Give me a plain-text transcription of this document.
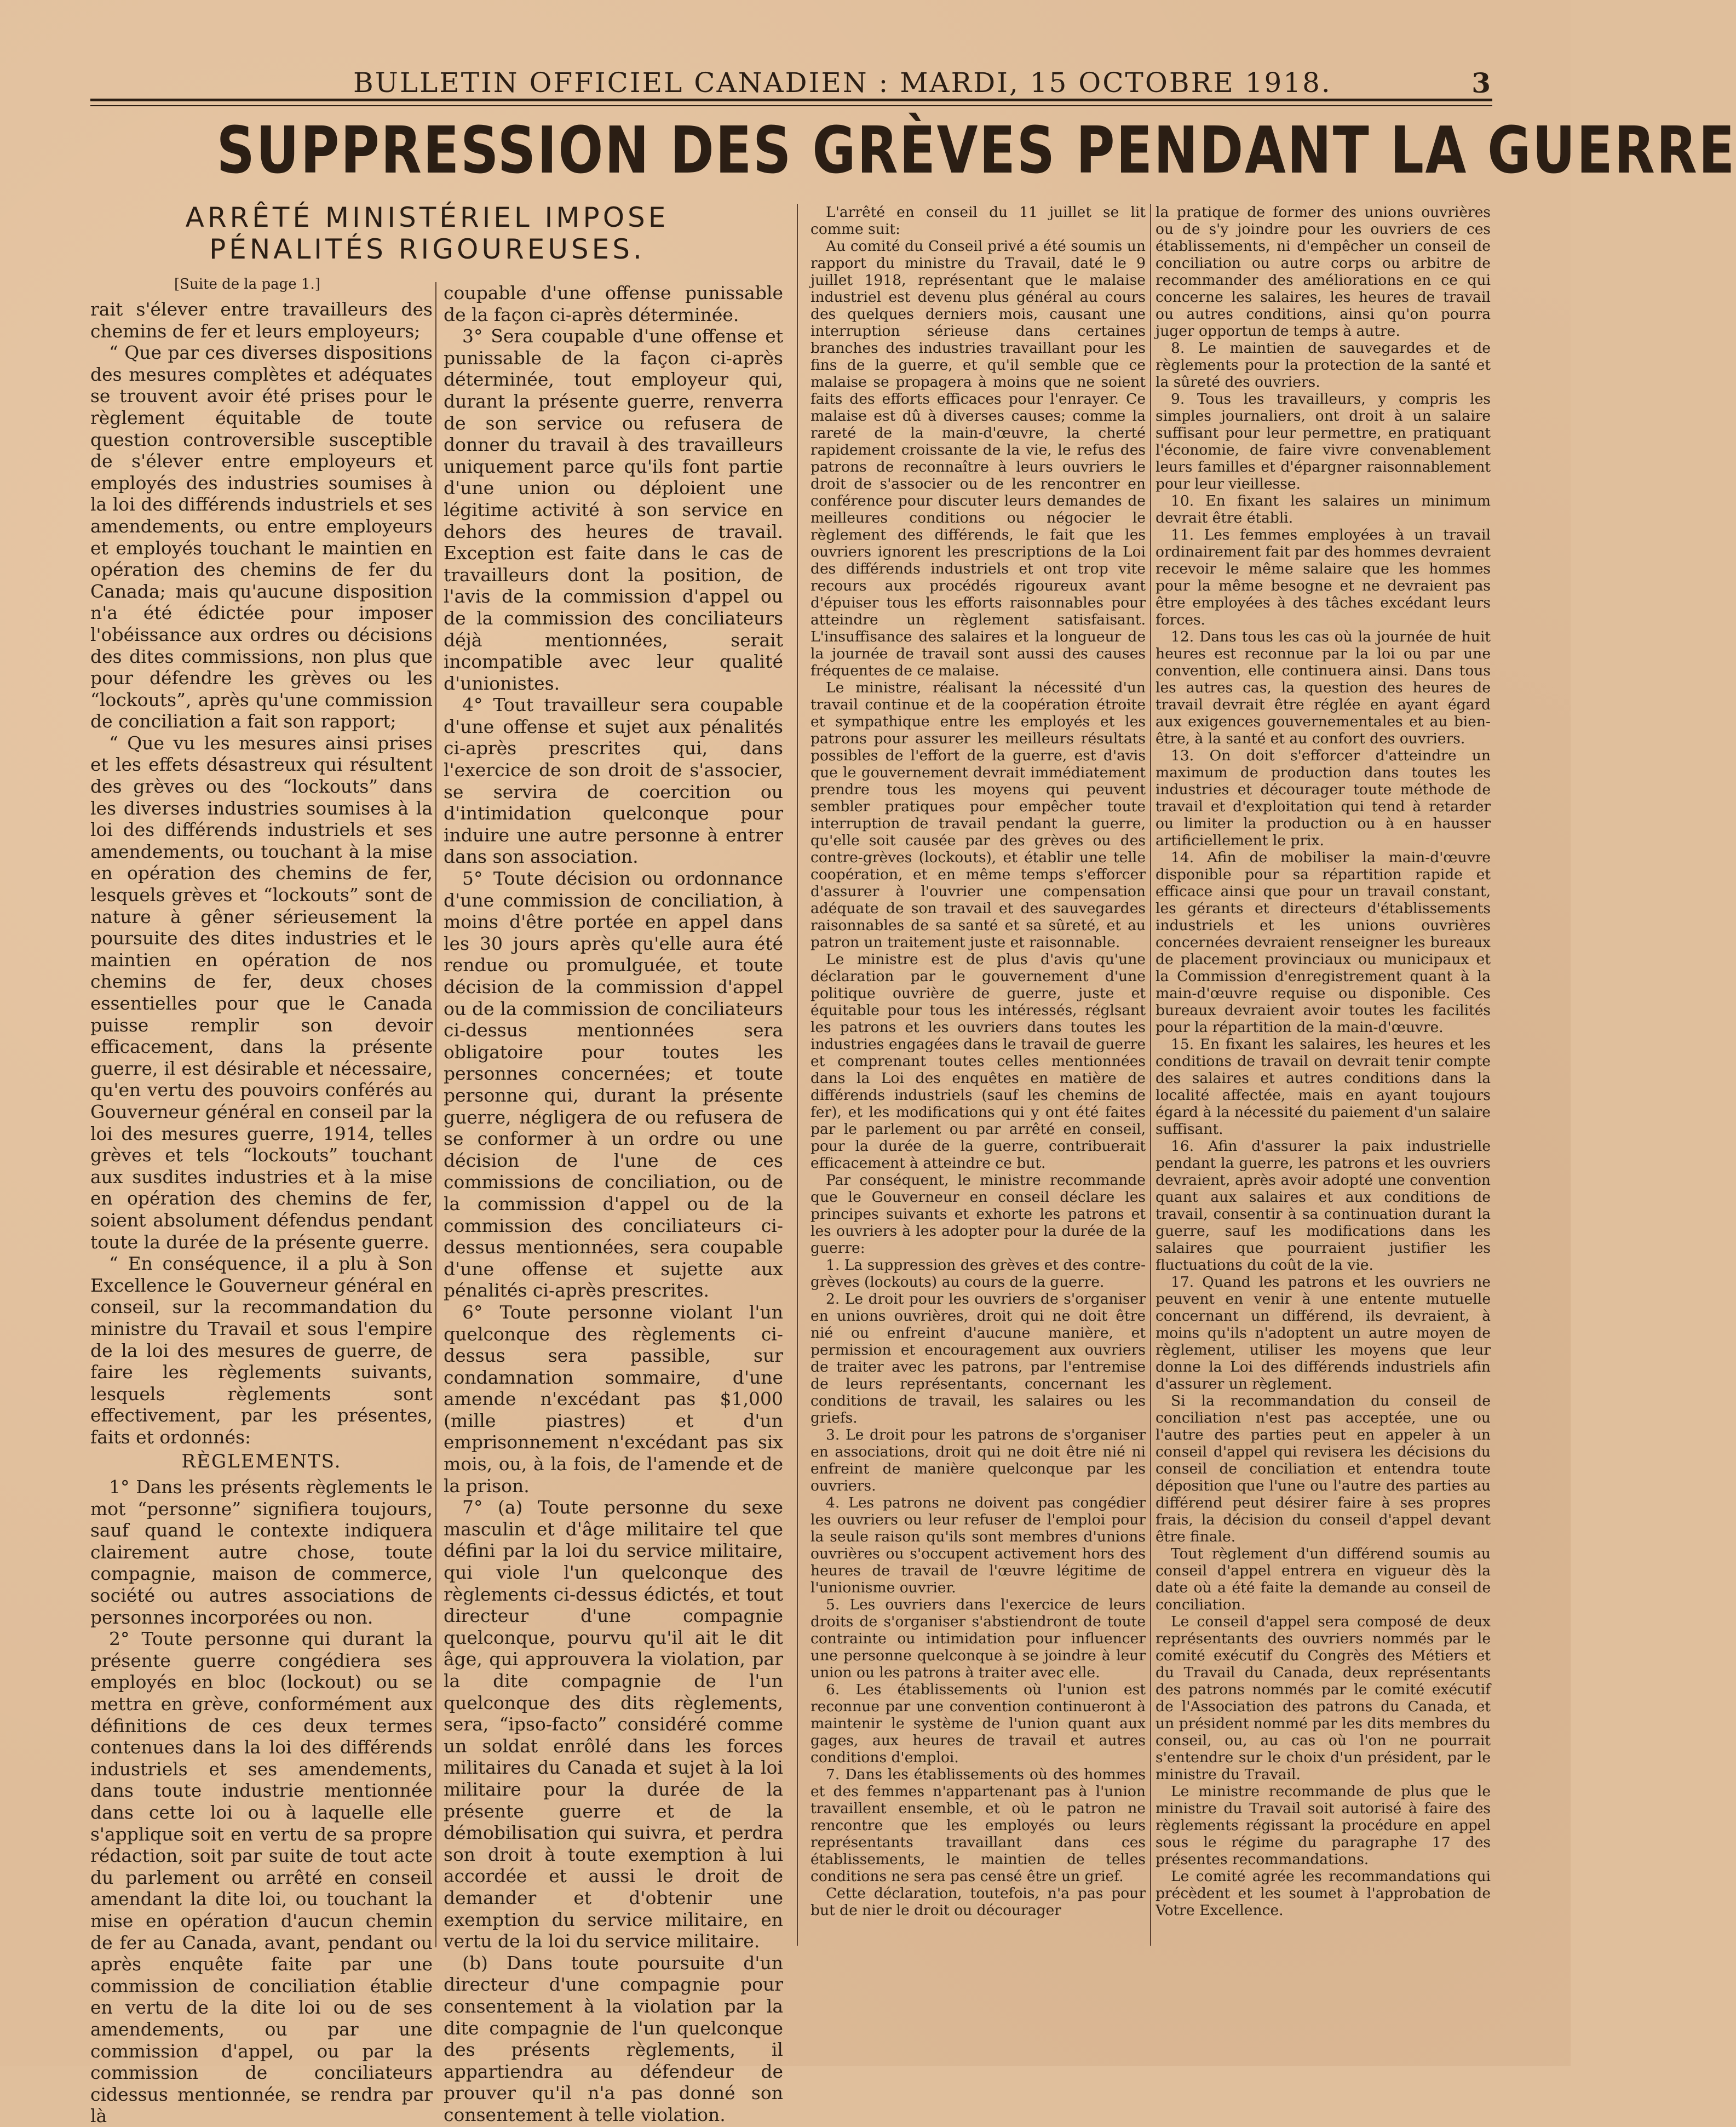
BULLETIN OFFICIEL CANADIEN : MARDI, 15 OCTOBRE 1918.	3
SUPPRESSION DES GRÈVES PENDANT LA GUERRE
ARRÊTÉ MINISTÉRIEL IMPOSE
PÉNALITÉS RIGOUREUSES.
[Suite de la page 1.]

rait s'élever entre travailleurs des chemins de fer et leurs employeurs;

“ Que par ces diverses dispositions des mesures complètes et adéquates se trouvent avoir été prises pour le règlement équitable de toute question controversible susceptible de s'élever entre employeurs et employés des industries soumises à la loi des différends industriels et ses amendements, ou entre employeurs et employés touchant le maintien en opération des chemins de fer du Canada; mais qu'aucune disposition n'a été édictée pour imposer l'obéissance aux ordres ou décisions des dites commissions, non plus que pour défendre les grèves ou les “lockouts”, après qu'une commission de conciliation a fait son rapport;

“ Que vu les mesures ainsi prises et les effets désastreux qui résultent des grèves ou des “lockouts” dans les diverses industries soumises à la loi des différends industriels et ses amendements, ou touchant à la mise en opération des chemins de fer, lesquels grèves et “lockouts” sont de nature à gêner sérieusement la poursuite des dites industries et le maintien en opération de nos chemins de fer, deux choses essentielles pour que le Canada puisse remplir son devoir efficacement, dans la présente guerre, il est désirable et nécessaire, qu'en vertu des pouvoirs conférés au Gouverneur général en conseil par la loi des mesures guerre, 1914, telles grèves et tels “lockouts” touchant aux susdites industries et à la mise en opération des chemins de fer, soient absolument défendus pendant toute la durée de la présente guerre.

“ En conséquence, il a plu à Son Excellence le Gouverneur général en conseil, sur la recommandation du ministre du Travail et sous l'empire de la loi des mesures de guerre, de faire les règlements suivants, lesquels règlements sont effectivement, par les présentes, faits et ordonnés:

RÈGLEMENTS.

1° Dans les présents règlements le mot “personne” signifiera toujours, sauf quand le contexte indiquera clairement autre chose, toute compagnie, maison de commerce, société ou autres associations de personnes incorporées ou non.

2° Toute personne qui durant la présente guerre congédiera ses employés en bloc (lockout) ou se mettra en grève, conformément aux définitions de ces deux termes contenues dans la loi des différends industriels et ses amendements, dans toute industrie mentionnée dans cette loi ou à laquelle elle s'applique soit en vertu de sa propre rédaction, soit par suite de tout acte du parlement ou arrêté en conseil amendant la dite loi, ou touchant la mise en opération d'aucun chemin de fer au Canada, avant, pendant ou après enquête faite par une commission de conciliation établie en vertu de la dite loi ou de ses amendements, ou par une commission d'appel, ou par la commission de conciliateurs cidessus mentionnée, se rendra par là

coupable d'une offense punissable de la façon ci-après déterminée.

3° Sera coupable d'une offense et punissable de la façon ci-après déterminée, tout employeur qui, durant la présente guerre, renverra de son service ou refusera de donner du travail à des travailleurs uniquement parce qu'ils font partie d'une union ou déploient une légitime activité à son service en dehors des heures de travail. Exception est faite dans le cas de travailleurs dont la position, de l'avis de la commission d'appel ou de la commission des conciliateurs déjà mentionnées, serait incompatible avec leur qualité d'unionistes.

4° Tout travailleur sera coupable d'une offense et sujet aux pénalités ci-après prescrites qui, dans l'exercice de son droit de s'associer, se servira de coercition ou d'intimidation quelconque pour induire une autre personne à entrer dans son association.

5° Toute décision ou ordonnance d'une commission de conciliation, à moins d'être portée en appel dans les 30 jours après qu'elle aura été rendue ou promulguée, et toute décision de la commission d'appel ou de la commission de conciliateurs ci-dessus mentionnées sera obligatoire pour toutes les personnes concernées; et toute personne qui, durant la présente guerre, négligera de ou refusera de se conformer à un ordre ou une décision de l'une de ces commissions de conciliation, ou de la commission d'appel ou de la commission des conciliateurs ci-dessus mentionnées, sera coupable d'une offense et sujette aux pénalités ci-après prescrites.

6° Toute personne violant l'un quelconque des règlements ci-dessus sera passible, sur condamnation sommaire, d'une amende n'excédant pas $1,000 (mille piastres) et d'un emprisonnement n'excédant pas six mois, ou, à la fois, de l'amende et de la prison.

7° (a) Toute personne du sexe masculin et d'âge militaire tel que défini par la loi du service militaire, qui viole l'un quelconque des règlements ci-dessus édictés, et tout directeur d'une compagnie quelconque, pourvu qu'il ait le dit âge, qui approuvera la violation, par la dite compagnie de l'un quelconque des dits règlements, sera, “ipso-facto” considéré comme un soldat enrôlé dans les forces militaires du Canada et sujet à la loi militaire pour la durée de la présente guerre et de la démobilisation qui suivra, et perdra son droit à toute exemption à lui accordée et aussi le droit de demander et d'obtenir une exemption du service militaire, en vertu de la loi du service militaire.

(b) Dans toute poursuite d'un directeur d'une compagnie pour consentement à la violation par la dite compagnie de l'un quelconque des présents règlements, il appartiendra au défendeur de prouver qu'il n'a pas donné son consentement à telle violation.

L'arrêté en conseil du 11 juillet se lit comme suit:

Au comité du Conseil privé a été soumis un rapport du ministre du Travail, daté le 9 juillet 1918, représentant que le malaise industriel est devenu plus général au cours des quelques derniers mois, causant une interruption sérieuse dans certaines branches des industries travaillant pour les fins de la guerre, et qu'il semble que ce malaise se propagera à moins que ne soient faits des efforts efficaces pour l'enrayer. Ce malaise est dû à diverses causes; comme la rareté de la main-d'œuvre, la cherté rapidement croissante de la vie, le refus des patrons de reconnaître à leurs ouvriers le droit de s'associer ou de les rencontrer en conférence pour discuter leurs demandes de meilleures conditions ou négocier le règlement des différends, le fait que les ouvriers ignorent les prescriptions de la Loi des différends industriels et ont trop vite recours aux procédés rigoureux avant d'épuiser tous les efforts raisonnables pour atteindre un règlement satisfaisant. L'insuffisance des salaires et la longueur de la journée de travail sont aussi des causes fréquentes de ce malaise.

Le ministre, réalisant la nécessité d'un travail continue et de la coopération étroite et sympathique entre les employés et les patrons pour assurer les meilleurs résultats possibles de l'effort de la guerre, est d'avis que le gouvernement devrait immédiatement prendre tous les moyens qui peuvent sembler pratiques pour empêcher toute interruption de travail pendant la guerre, qu'elle soit causée par des grèves ou des contre-grèves (lockouts), et établir une telle coopération, et en même temps s'efforcer d'assurer à l'ouvrier une compensation adéquate de son travail et des sauvegardes raisonnables de sa santé et sa sûreté, et au patron un traitement juste et raisonnable.

Le ministre est de plus d'avis qu'une déclaration par le gouvernement d'une politique ouvrière de guerre, juste et équitable pour tous les intéressés, réglsant les patrons et les ouvriers dans toutes les industries engagées dans le travail de guerre et comprenant toutes celles mentionnées dans la Loi des enquêtes en matière de différends industriels (sauf les chemins de fer), et les modifications qui y ont été faites par le parlement ou par arrêté en conseil, pour la durée de la guerre, contribuerait efficacement à atteindre ce but.

Par conséquent, le ministre recommande que le Gouverneur en conseil déclare les principes suivants et exhorte les patrons et les ouvriers à les adopter pour la durée de la guerre:

1. La suppression des grèves et des contre-grèves (lockouts) au cours de la guerre.

2. Le droit pour les ouvriers de s'organiser en unions ouvrières, droit qui ne doit être nié ou enfreint d'aucune manière, et permission et encouragement aux ouvriers de traiter avec les patrons, par l'entremise de leurs représentants, concernant les conditions de travail, les salaires ou les griefs.

3. Le droit pour les patrons de s'organiser en associations, droit qui ne doit être nié ni enfreint de manière quelconque par les ouvriers.

4. Les patrons ne doivent pas congédier les ouvriers ou leur refuser de l'emploi pour la seule raison qu'ils sont membres d'unions ouvrières ou s'occupent activement hors des heures de travail de l'œuvre légitime de l'unionisme ouvrier.

5. Les ouvriers dans l'exercice de leurs droits de s'organiser s'abstiendront de toute contrainte ou intimidation pour influencer une personne quelconque à se joindre à leur union ou les patrons à traiter avec elle.

6. Les établissements où l'union est reconnue par une convention continueront à maintenir le système de l'union quant aux gages, aux heures de travail et autres conditions d'emploi.

7. Dans les établissements où des hommes et des femmes n'appartenant pas à l'union travaillent ensemble, et où le patron ne rencontre que les employés ou leurs représentants travaillant dans ces établissements, le maintien de telles conditions ne sera pas censé être un grief.

Cette déclaration, toutefois, n'a pas pour but de nier le droit ou décourager

la pratique de former des unions ouvrières ou de s'y joindre pour les ouvriers de ces établissements, ni d'empêcher un conseil de conciliation ou autre corps ou arbitre de recommander des améliorations en ce qui concerne les salaires, les heures de travail ou autres conditions, ainsi qu'on pourra juger opportun de temps à autre.

8. Le maintien de sauvegardes et de règlements pour la protection de la santé et la sûreté des ouvriers.

9. Tous les travailleurs, y compris les simples journaliers, ont droit à un salaire suffisant pour leur permettre, en pratiquant l'économie, de faire vivre convenablement leurs familles et d'épargner raisonnablement pour leur vieillesse.

10. En fixant les salaires un minimum devrait être établi.

11. Les femmes employées à un travail ordinairement fait par des hommes devraient recevoir le même salaire que les hommes pour la même besogne et ne devraient pas être employées à des tâches excédant leurs forces.

12. Dans tous les cas où la journée de huit heures est reconnue par la loi ou par une convention, elle continuera ainsi. Dans tous les autres cas, la question des heures de travail devrait être réglée en ayant égard aux exigences gouvernementales et au bien-être, à la santé et au confort des ouvriers.

13. On doit s'efforcer d'atteindre un maximum de production dans toutes les industries et décourager toute méthode de travail et d'exploitation qui tend à retarder ou limiter la production ou à en hausser artificiellement le prix.

14. Afin de mobiliser la main-d'œuvre disponible pour sa répartition rapide et efficace ainsi que pour un travail constant, les gérants et directeurs d'établissements industriels et les unions ouvrières concernées devraient renseigner les bureaux de placement provinciaux ou municipaux et la Commission d'enregistrement quant à la main-d'œuvre requise ou disponible. Ces bureaux devraient avoir toutes les facilités pour la répartition de la main-d'œuvre.

15. En fixant les salaires, les heures et les conditions de travail on devrait tenir compte des salaires et autres conditions dans la localité affectée, mais en ayant toujours égard à la nécessité du paiement d'un salaire suffisant.

16. Afin d'assurer la paix industrielle pendant la guerre, les patrons et les ouvriers devraient, après avoir adopté une convention quant aux salaires et aux conditions de travail, consentir à sa continuation durant la guerre, sauf les modifications dans les salaires que pourraient justifier les fluctuations du coût de la vie.

17. Quand les patrons et les ouvriers ne peuvent en venir à une entente mutuelle concernant un différend, ils devraient, à moins qu'ils n'adoptent un autre moyen de règlement, utiliser les moyens que leur donne la Loi des différends industriels afin d'assurer un règlement.

Si la recommandation du conseil de conciliation n'est pas acceptée, une ou l'autre des parties peut en appeler à un conseil d'appel qui revisera les décisions du conseil de conciliation et entendra toute déposition que l'une ou l'autre des parties au différend peut désirer faire à ses propres frais, la décision du conseil d'appel devant être finale.

Tout règlement d'un différend soumis au conseil d'appel entrera en vigueur dès la date où a été faite la demande au conseil de conciliation.

Le conseil d'appel sera composé de deux représentants des ouvriers nommés par le comité exécutif du Congrès des Métiers et du Travail du Canada, deux représentants des patrons nommés par le comité exécutif de l'Association des patrons du Canada, et un président nommé par les dits membres du conseil, ou, au cas où l'on ne pourrait s'entendre sur le choix d'un président, par le ministre du Travail.

Le ministre recommande de plus que le ministre du Travail soit autorisé à faire des règlements régissant la procédure en appel sous le régime du paragraphe 17 des présentes recommandations.

Le comité agrée les recommandations qui précèdent et les soumet à l'approbation de Votre Excellence.
